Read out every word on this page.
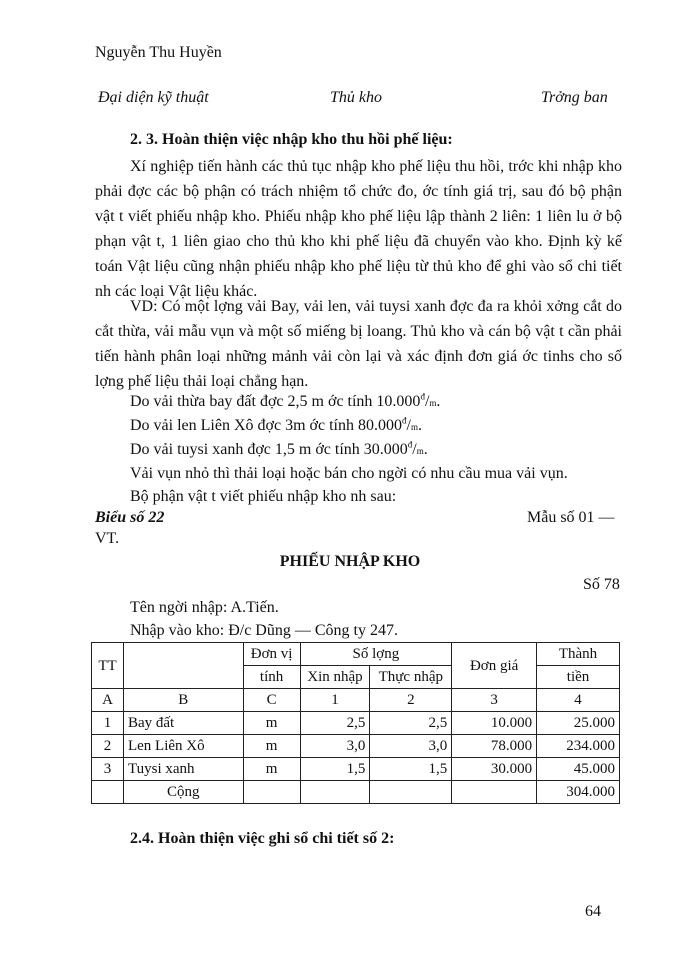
Nguyễn Thu Huyền
Đại diện kỹ thuật	Thủ kho	Trởng ban
2. 3. Hoàn thiện việc nhập kho thu hồi phế liệu:

Xí nghiệp tiến hành các thủ tục nhập kho phế liệu thu hồi, trớc khi nhập kho phải đợc các bộ phận có trách nhiệm tổ chức đo, ớc tính giá trị, sau đó bộ phận vật t viết phiếu nhập kho. Phiếu nhập kho phế liệu lập thành 2 liên: 1 liên lu ở bộ phạn vật t, 1 liên giao cho thủ kho khi phế liệu đã chuyển vào kho. Định kỳ kế toán Vật liệu cũng nhận phiếu nhập kho phế liệu từ thủ kho để ghi vào sổ chi tiết nh các loại Vật liệu khác.

VD: Có một lợng vải Bay, vải len, vải tuysi xanh đợc đa ra khỏi xởng cắt do cắt thừa, vải mẫu vụn và một số miếng bị loang. Thủ kho và cán bộ vật t cần phải tiến hành phân loại những mảnh vải còn lại và xác định đơn giá ớc tinhs cho số lợng phế liệu thải loại chẳng hạn.

Do vải thừa bay đất đợc 2,5 m ớc tính $10.000^đ/m$.
Do vải len Liên Xô đợc 3m ớc tính $80.000^đ/m$.
Do vải tuysi xanh đợc 1,5 m ớc tính $30.000^đ/m$.
Vải vụn nhỏ thì thải loại hoặc bán cho ngời có nhu cầu mua vải vụn.
Bộ phận vật t viết phiếu nhập kho nh sau:
Biểu số 22	Mẫu số 01 —
VT.
PHIẾU NHẬP KHO
Số 78
Tên ngời nhập: A.Tiến.
Nhập vào kho: Đ/c Dũng — Công ty 247.
TT		Đơn vị	Số lợng		Đơn giá	Thành
		tính	Xin nhập	Thực nhập		tiền
A	B	C	1	2	3	4
1	Bay đất	m	2,5	2,5	10.000	25.000
2	Len Liên Xô	m	3,0	3,0	78.000	234.000
3	Tuysi xanh	m	1,5	1,5	30.000	45.000
	Cộng					304.000
2.4. Hoàn thiện việc ghi sổ chi tiết số 2:
64
